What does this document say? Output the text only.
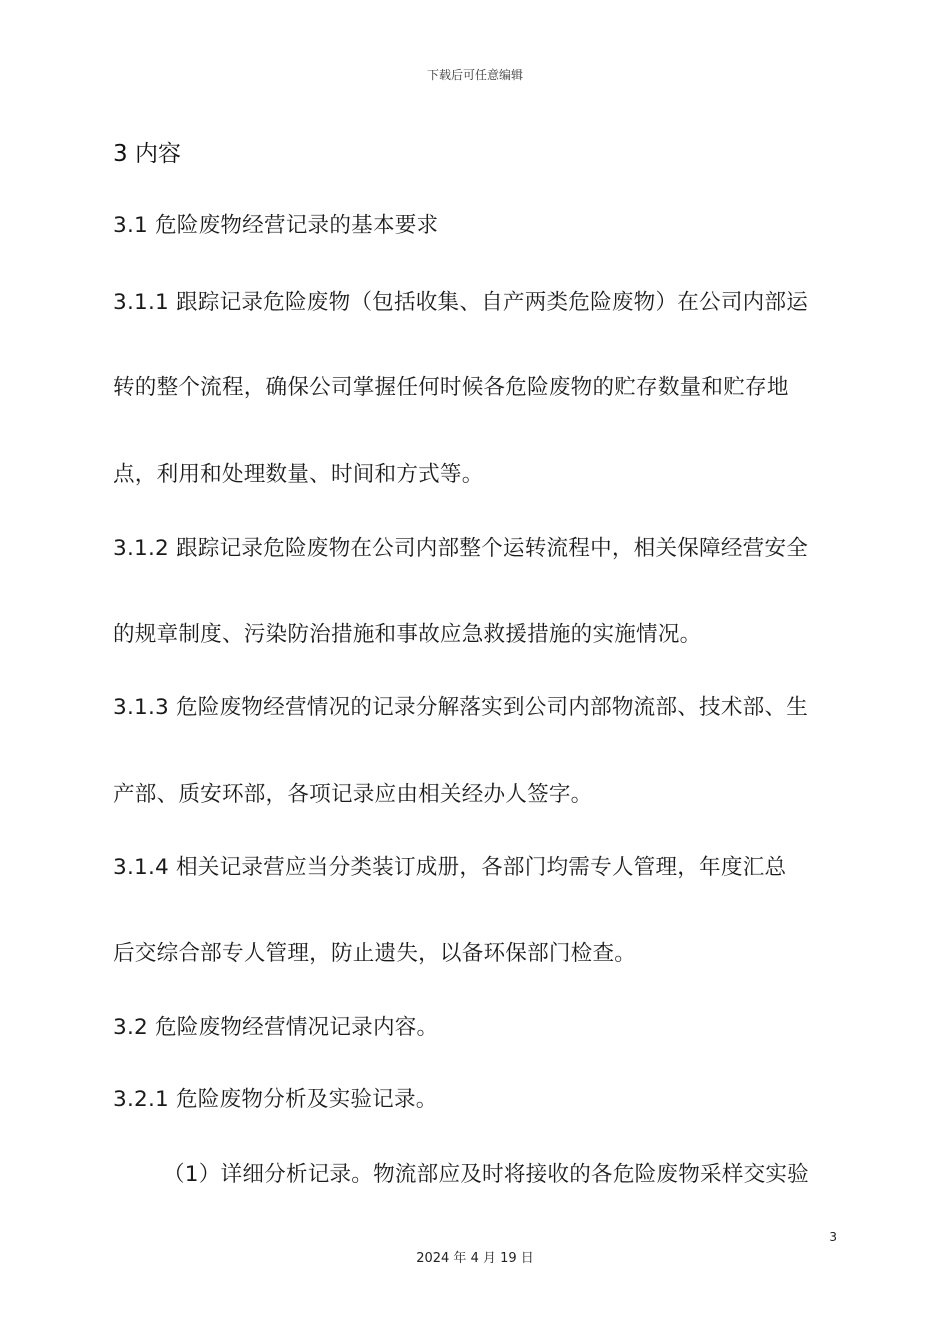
下载后可任意编辑
3 内容
3.1 危险废物经营记录的基本要求
3.1.1 跟踪记录危险废物（包括收集、自产两类危险废物）在公司内部运
转的整个流程，确保公司掌握任何时候各危险废物的贮存数量和贮存地
点，利用和处理数量、时间和方式等。
3.1.2 跟踪记录危险废物在公司内部整个运转流程中，相关保障经营安全
的规章制度、污染防治措施和事故应急救援措施的实施情况。
3.1.3 危险废物经营情况的记录分解落实到公司内部物流部、技术部、生
产部、质安环部，各项记录应由相关经办人签字。
3.1.4 相关记录营应当分类装订成册，各部门均需专人管理，年度汇总
后交综合部专人管理，防止遗失，以备环保部门检查。
3.2 危险废物经营情况记录内容。
3.2.1 危险废物分析及实验记录。
（1）详细分析记录。物流部应及时将接收的各危险废物采样交实验
3
2024 年 4 月 19 日
